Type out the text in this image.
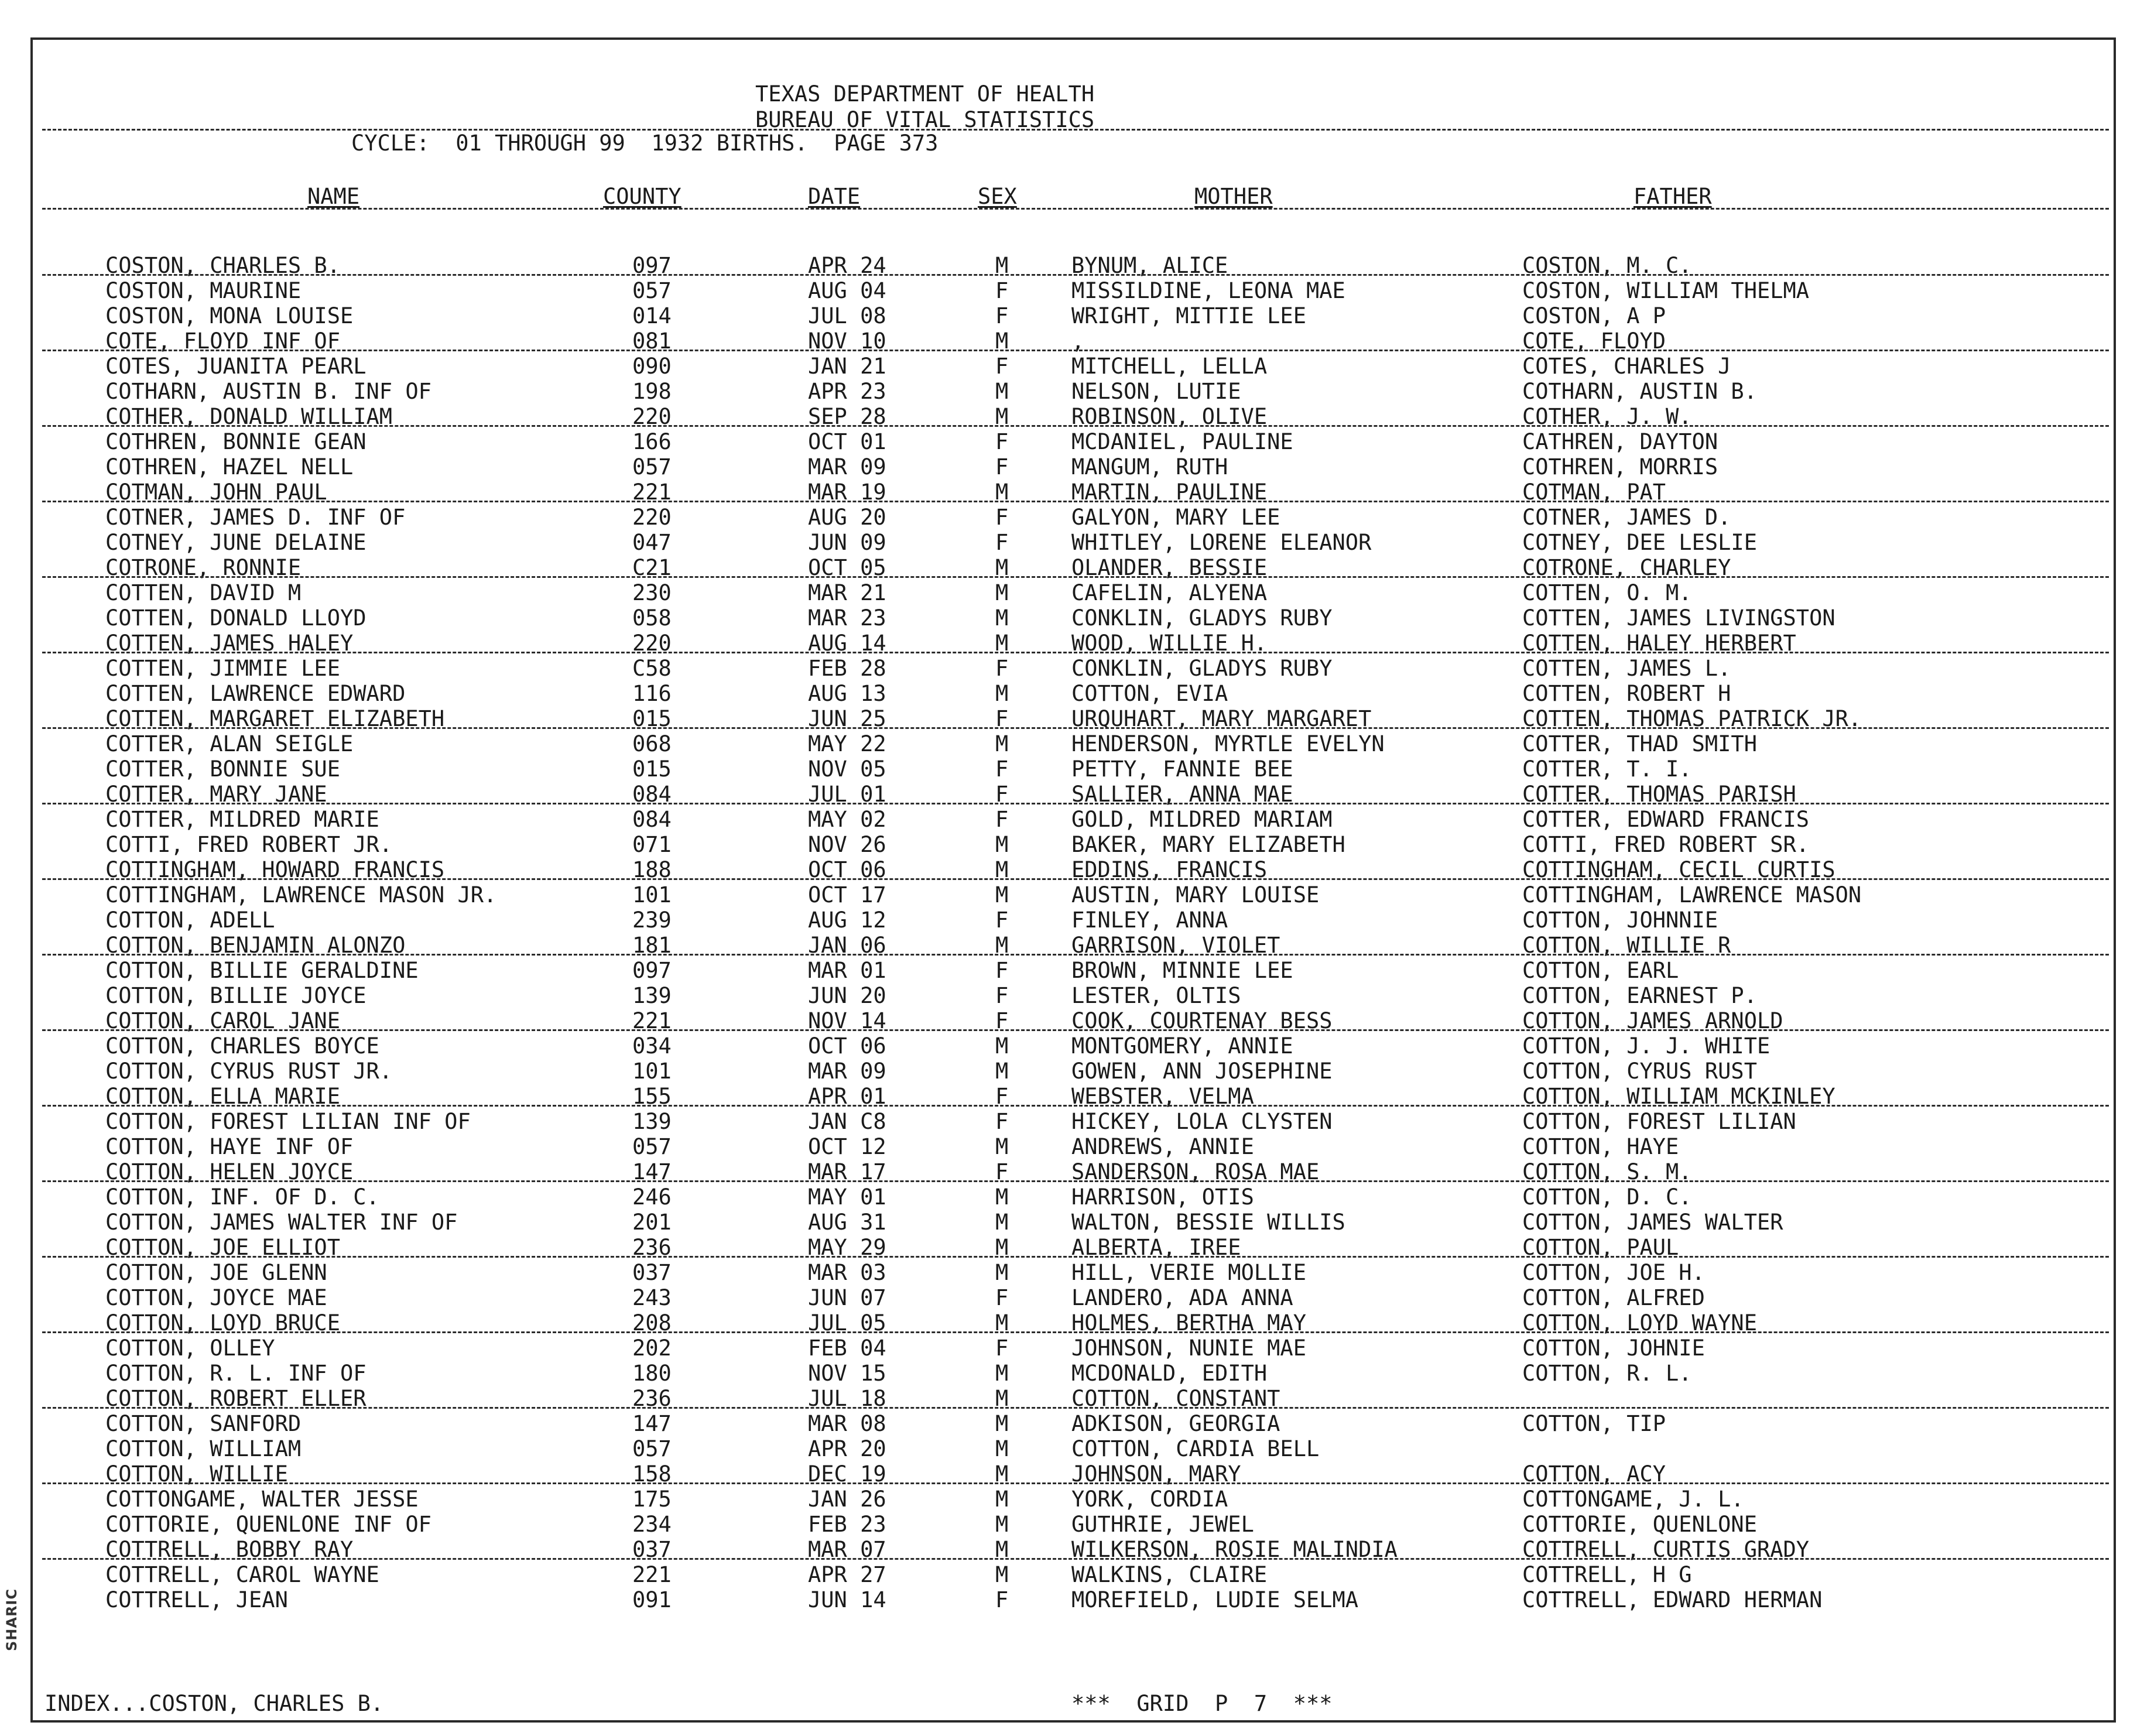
SHARIC
TEXAS DEPARTMENT OF HEALTH
BUREAU OF VITAL STATISTICS
CYCLE:  01 THROUGH 99  1932 BIRTHS.  PAGE 373
NAME	COUNTY	DATE	SEX	MOTHER	FATHER
COSTON, CHARLES B.	097	APR 24	M	BYNUM, ALICE	COSTON, M. C.
COSTON, MAURINE	057	AUG 04	F	MISSILDINE, LEONA MAE	COSTON, WILLIAM THELMA
COSTON, MONA LOUISE	014	JUL 08	F	WRIGHT, MITTIE LEE	COSTON, A P
COTE, FLOYD INF OF	081	NOV 10	M	,	COTE, FLOYD
COTES, JUANITA PEARL	090	JAN 21	F	MITCHELL, LELLA	COTES, CHARLES J
COTHARN, AUSTIN B. INF OF	198	APR 23	M	NELSON, LUTIE	COTHARN, AUSTIN B.
COTHER, DONALD WILLIAM	220	SEP 28	M	ROBINSON, OLIVE	COTHER, J. W.
COTHREN, BONNIE GEAN	166	OCT 01	F	MCDANIEL, PAULINE	CATHREN, DAYTON
COTHREN, HAZEL NELL	057	MAR 09	F	MANGUM, RUTH	COTHREN, MORRIS
COTMAN, JOHN PAUL	221	MAR 19	M	MARTIN, PAULINE	COTMAN, PAT
COTNER, JAMES D. INF OF	220	AUG 20	F	GALYON, MARY LEE	COTNER, JAMES D.
COTNEY, JUNE DELAINE	047	JUN 09	F	WHITLEY, LORENE ELEANOR	COTNEY, DEE LESLIE
COTRONE, RONNIE	C21	OCT 05	M	OLANDER, BESSIE	COTRONE, CHARLEY
COTTEN, DAVID M	230	MAR 21	M	CAFELIN, ALYENA	COTTEN, O. M.
COTTEN, DONALD LLOYD	058	MAR 23	M	CONKLIN, GLADYS RUBY	COTTEN, JAMES LIVINGSTON
COTTEN, JAMES HALEY	220	AUG 14	M	WOOD, WILLIE H.	COTTEN, HALEY HERBERT
COTTEN, JIMMIE LEE	C58	FEB 28	F	CONKLIN, GLADYS RUBY	COTTEN, JAMES L.
COTTEN, LAWRENCE EDWARD	116	AUG 13	M	COTTON, EVIA	COTTEN, ROBERT H
COTTEN, MARGARET ELIZABETH	015	JUN 25	F	URQUHART, MARY MARGARET	COTTEN, THOMAS PATRICK JR.
COTTER, ALAN SEIGLE	068	MAY 22	M	HENDERSON, MYRTLE EVELYN	COTTER, THAD SMITH
COTTER, BONNIE SUE	015	NOV 05	F	PETTY, FANNIE BEE	COTTER, T. I.
COTTER, MARY JANE	084	JUL 01	F	SALLIER, ANNA MAE	COTTER, THOMAS PARISH
COTTER, MILDRED MARIE	084	MAY 02	F	GOLD, MILDRED MARIAM	COTTER, EDWARD FRANCIS
COTTI, FRED ROBERT JR.	071	NOV 26	M	BAKER, MARY ELIZABETH	COTTI, FRED ROBERT SR.
COTTINGHAM, HOWARD FRANCIS	188	OCT 06	M	EDDINS, FRANCIS	COTTINGHAM, CECIL CURTIS
COTTINGHAM, LAWRENCE MASON JR.	101	OCT 17	M	AUSTIN, MARY LOUISE	COTTINGHAM, LAWRENCE MASON
COTTON, ADELL	239	AUG 12	F	FINLEY, ANNA	COTTON, JOHNNIE
COTTON, BENJAMIN ALONZO	181	JAN 06	M	GARRISON, VIOLET	COTTON, WILLIE R
COTTON, BILLIE GERALDINE	097	MAR 01	F	BROWN, MINNIE LEE	COTTON, EARL
COTTON, BILLIE JOYCE	139	JUN 20	F	LESTER, OLTIS	COTTON, EARNEST P.
COTTON, CAROL JANE	221	NOV 14	F	COOK, COURTENAY BESS	COTTON, JAMES ARNOLD
COTTON, CHARLES BOYCE	034	OCT 06	M	MONTGOMERY, ANNIE	COTTON, J. J. WHITE
COTTON, CYRUS RUST JR.	101	MAR 09	M	GOWEN, ANN JOSEPHINE	COTTON, CYRUS RUST
COTTON, ELLA MARIE	155	APR 01	F	WEBSTER, VELMA	COTTON, WILLIAM MCKINLEY
COTTON, FOREST LILIAN INF OF	139	JAN C8	F	HICKEY, LOLA CLYSTEN	COTTON, FOREST LILIAN
COTTON, HAYE INF OF	057	OCT 12	M	ANDREWS, ANNIE	COTTON, HAYE
COTTON, HELEN JOYCE	147	MAR 17	F	SANDERSON, ROSA MAE	COTTON, S. M.
COTTON, INF. OF D. C.	246	MAY 01	M	HARRISON, OTIS	COTTON, D. C.
COTTON, JAMES WALTER INF OF	201	AUG 31	M	WALTON, BESSIE WILLIS	COTTON, JAMES WALTER
COTTON, JOE ELLIOT	236	MAY 29	M	ALBERTA, IREE	COTTON, PAUL
COTTON, JOE GLENN	037	MAR 03	M	HILL, VERIE MOLLIE	COTTON, JOE H.
COTTON, JOYCE MAE	243	JUN 07	F	LANDERO, ADA ANNA	COTTON, ALFRED
COTTON, LOYD BRUCE	208	JUL 05	M	HOLMES, BERTHA MAY	COTTON, LOYD WAYNE
COTTON, OLLEY	202	FEB 04	F	JOHNSON, NUNIE MAE	COTTON, JOHNIE
COTTON, R. L. INF OF	180	NOV 15	M	MCDONALD, EDITH	COTTON, R. L.
COTTON, ROBERT ELLER	236	JUL 18	M	COTTON, CONSTANT
COTTON, SANFORD	147	MAR 08	M	ADKISON, GEORGIA	COTTON, TIP
COTTON, WILLIAM	057	APR 20	M	COTTON, CARDIA BELL
COTTON, WILLIE	158	DEC 19	M	JOHNSON, MARY	COTTON, ACY
COTTONGAME, WALTER JESSE	175	JAN 26	M	YORK, CORDIA	COTTONGAME, J. L.
COTTORIE, QUENLONE INF OF	234	FEB 23	M	GUTHRIE, JEWEL	COTTORIE, QUENLONE
COTTRELL, BOBBY RAY	037	MAR 07	M	WILKERSON, ROSIE MALINDIA	COTTRELL, CURTIS GRADY
COTTRELL, CAROL WAYNE	221	APR 27	M	WALKINS, CLAIRE	COTTRELL, H G
COTTRELL, JEAN	091	JUN 14	F	MOREFIELD, LUDIE SELMA	COTTRELL, EDWARD HERMAN
INDEX...COSTON, CHARLES B.	***  GRID  P  7  ***
